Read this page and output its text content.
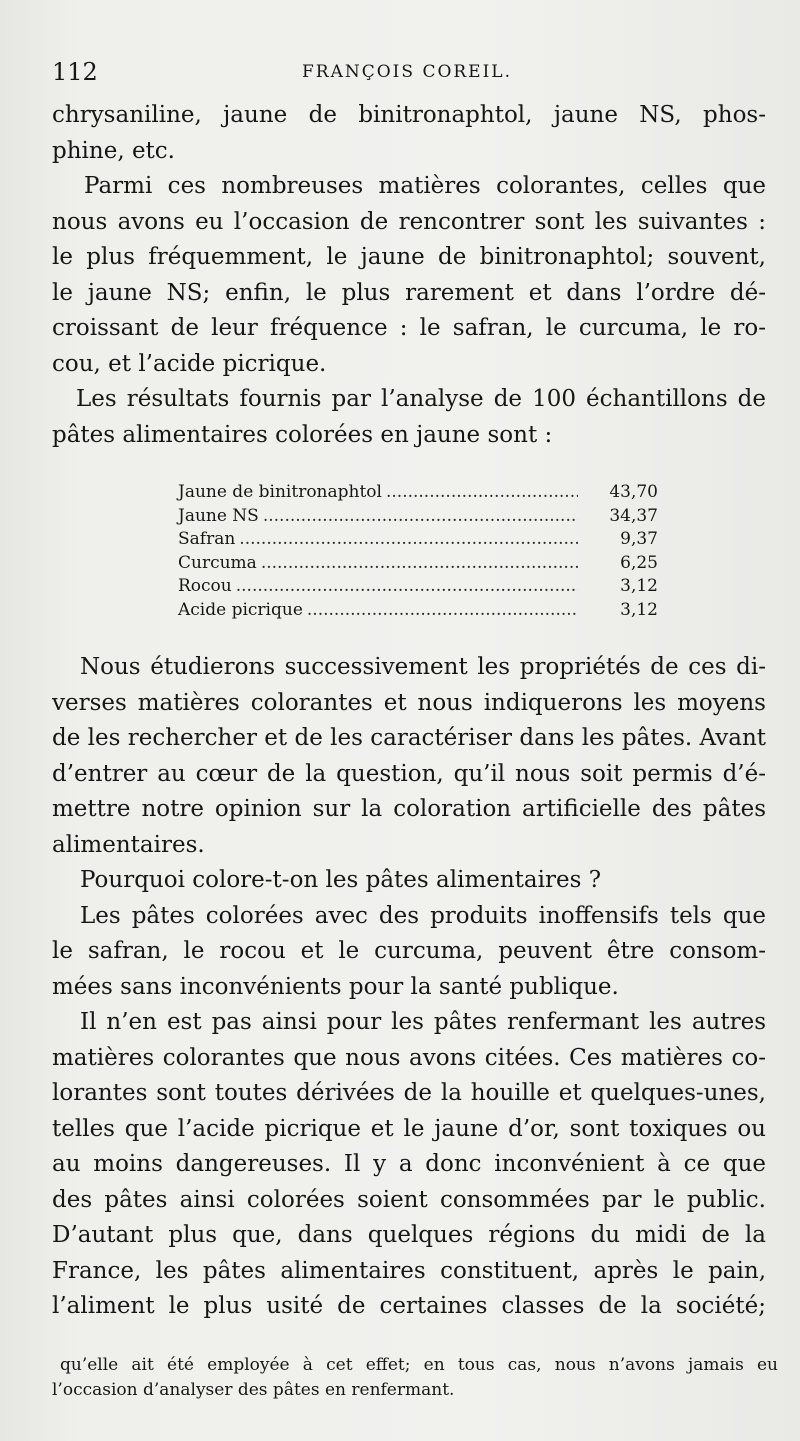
112	FRANÇOIS COREIL.
chrysaniline, jaune de binitronaphtol, jaune NS, phos-
phine, etc.
Parmi ces nombreuses matières colorantes, celles que
nous avons eu l’occasion de rencontrer sont les suivantes :
le plus fréquemment, le jaune de binitronaphtol; souvent,
le jaune NS; enfin, le plus rarement et dans l’ordre dé-
croissant de leur fréquence : le safran, le curcuma, le ro-
cou, et l’acide picrique.
Les résultats fournis par l’analyse de 100 échantillons de
pâtes alimentaires colorées en jaune sont :
Jaune de binitronaphtol .....	43,70
Jaune NS .....	34,37
Safran .....	9,37
Curcuma .....	6,25
Rocou .....	3,12
Acide picrique .....	3,12
Nous étudierons successivement les propriétés de ces di-
verses matières colorantes et nous indiquerons les moyens
de les rechercher et de les caractériser dans les pâtes. Avant
d’entrer au cœur de la question, qu’il nous soit permis d’é-
mettre notre opinion sur la coloration artificielle des pâtes
alimentaires.
Pourquoi colore-t-on les pâtes alimentaires ?
Les pâtes colorées avec des produits inoffensifs tels que
le safran, le rocou et le curcuma, peuvent être consom-
mées sans inconvénients pour la santé publique.
Il n’en est pas ainsi pour les pâtes renfermant les autres
matières colorantes que nous avons citées. Ces matières co-
lorantes sont toutes dérivées de la houille et quelques-unes,
telles que l’acide picrique et le jaune d’or, sont toxiques ou
au moins dangereuses. Il y a donc inconvénient à ce que
des pâtes ainsi colorées soient consommées par le public.
D’autant plus que, dans quelques régions du midi de la
France, les pâtes alimentaires constituent, après le pain,
l’aliment le plus usité de certaines classes de la société;
qu’elle ait été employée à cet effet; en tous cas, nous n’avons jamais eu
l’occasion d’analyser des pâtes en renfermant.
